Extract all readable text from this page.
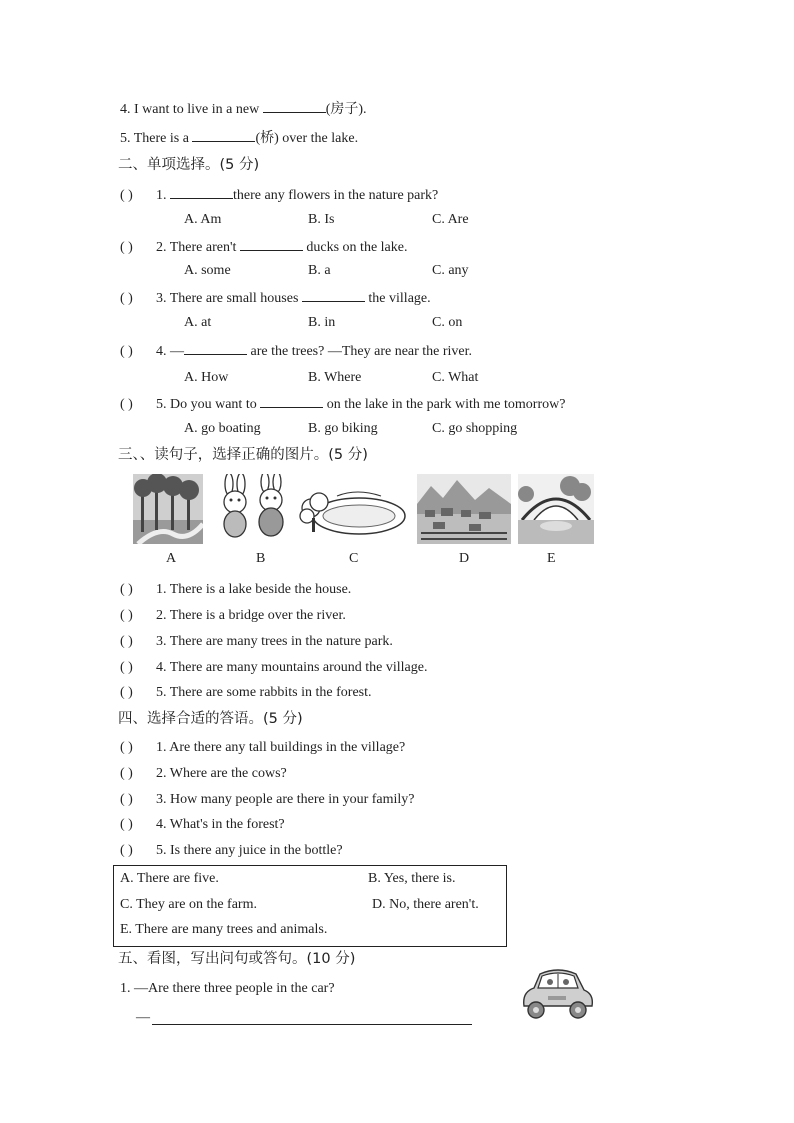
4. I want to live in a new	(房子).
5. There is a	(桥) over the lake.
二、单项选择。(5 分)
( ) 1.	there any flowers in the nature park?
A. Am	B. Is	C. Are
( ) 2. There aren't	ducks on the lake.
A. some	B. a	C. any
( ) 3. There are small houses	the village.
A. at	B. in	C. on
( ) 4. —	are the trees? —They are near the river.
A. How	B. Where	C. What
( ) 5. Do you want to	on the lake in the park with me tomorrow?
A. go boating	B. go biking	C. go shopping
三、、读句子，选择正确的图片。(5 分)
A	B	C	D	E
( ) 1. There is a lake beside the house.
( ) 2. There is a bridge over the river.
( ) 3. There are many trees in the nature park.
( ) 4. There are many mountains around the village.
( ) 5. There are some rabbits in the forest.
四、选择合适的答语。(5 分)
( ) 1. Are there any tall buildings in the village?
( ) 2. Where are the cows?
( ) 3. How many people are there in your family?
( ) 4. What's in the forest?
( ) 5. Is there any juice in the bottle?
A. There are five.	B. Yes, there is.
C. They are on the farm.	D. No, there aren't.
E. There are many trees and animals.
五、看图，写出问句或答句。(10 分)
1. —Are there three people in the car?
—
